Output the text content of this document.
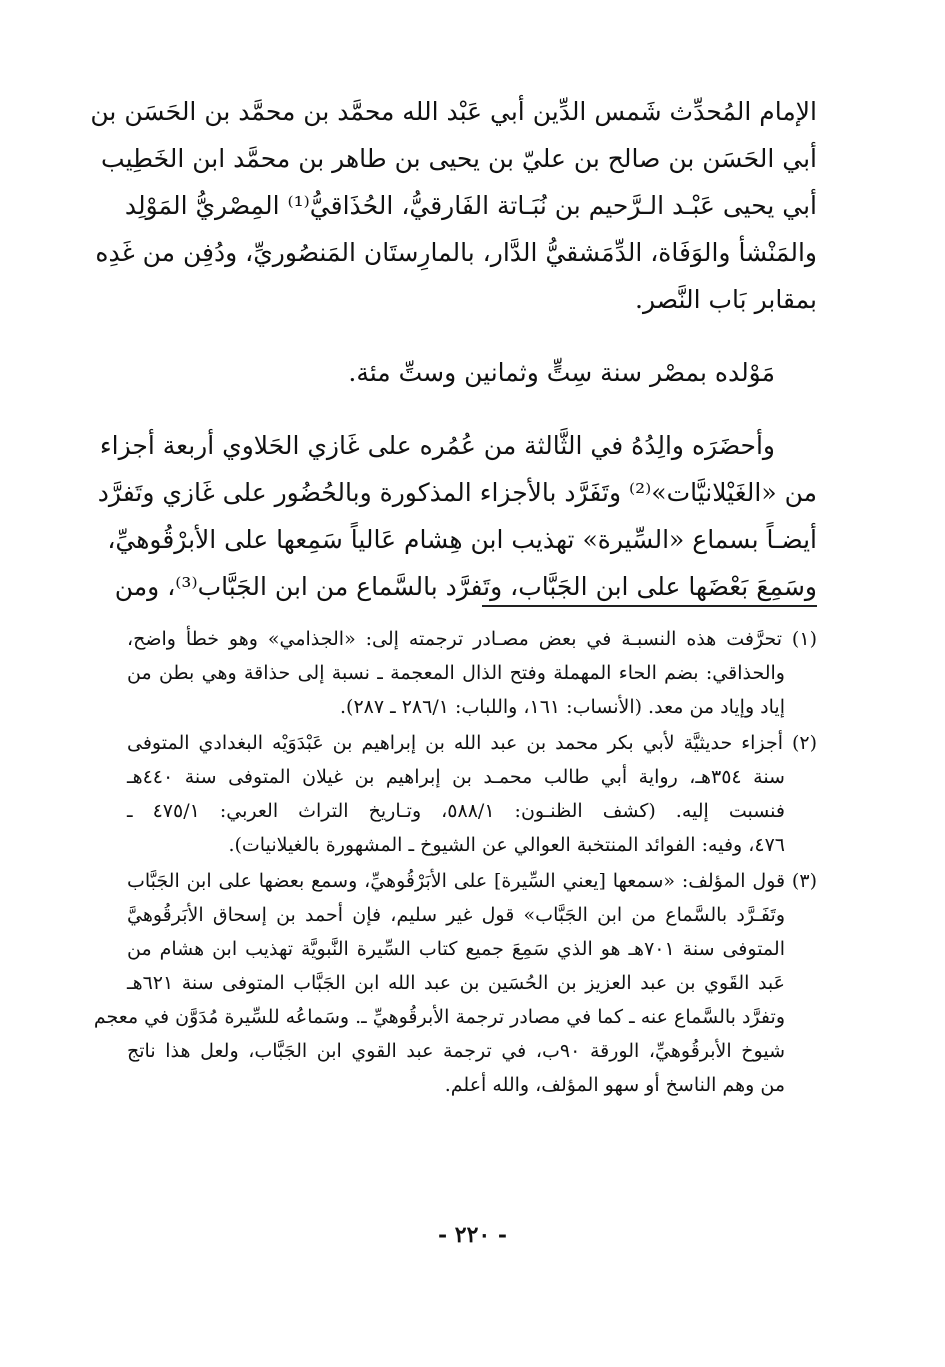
الإمام المُحدِّث شَمس الدِّين أبي عَبْد الله محمَّد بن محمَّد بن الحَسَن بن
أبي الحَسَن بن صالح بن عليّ بن يحيى بن طاهر بن محمَّد ابن الخَطِيب
أبي يحيى عَبْـد الـرَّحيم بن نُبَـاتة الفَارقيُّ، الحُذَاقيُّ⁽¹⁾ المِصْريُّ المَوْلِد
والمَنْشأ والوَفَاة، الدِّمَشقيُّ الدَّار، بالمارِستَان المَنصُوريِّ، ودُفِن من غَدِه
بمقابر بَاب النَّصر.
مَوْلده بمصْر سنة سِتٍّ وثمانين وستِّ مئة.
وأحضَرَه والِدُهُ في الثَّالثة من عُمُره على غَازي الحَلاوي أربعة أجزاء
من «الغَيْلانيَّات»⁽²⁾ وتَفَرَّد بالأجزاء المذكورة وبالحُضُور على غَازي وتَفرَّد
أيضـاً بسماع «السِّيرة» تهذيب ابن هِشام عَالياً سَمِعها على الأبرْقُوهيِّ،
وسَمِعَ بَعْضَها على ابن الجَبَّاب، وتَفرَّد بالسَّماع من ابن الجَبَّاب⁽³⁾، ومن
(١) تحرَّفت هذه النسبـة في بعض مصـادر ترجمته إلى: «الجذامي» وهو خطأ واضح،
والحذاقي: بضم الحاء المهملة وفتح الذال المعجمة ـ نسبة إلى حذاقة وهي بطن من
إياد وإياد من معد. (الأنساب: ١٦١، واللباب: ٢٨٦/١ ـ ٢٨٧).
(٢) أجزاء حديثيَّة لأبي بكر محمد بن عبد الله بن إبراهيم بن عَبْدَوَيْه البغدادي المتوفى
سنة ٣٥٤هـ، رواية أبي طالب محمـد بن إبراهيم بن غيلان المتوفى سنة ٤٤٠هـ
فنسبت إليه. (كشف الظنـون: ٥٨٨/١، وتـاريخ التراث العربي: ٤٧٥/١ ـ
٤٧٦، وفيه: الفوائد المنتخبة العوالي عن الشيوخ ـ المشهورة بالغيلانيات).
(٣) قول المؤلف: «سمعها [يعني السِّيرة] على الأبَرْقُوهيِّ، وسمع بعضها على ابن الجَبَّاب
وتَفَـرَّد بالسَّماع من ابن الجَبَّاب» قول غير سليم، فإن أحمد بن إسحاق الأبَرقُوهيَّ
المتوفى سنة ٧٠١هـ هو الذي سَمِعَ جميع كتاب السِّيرة النَّبويَّة تهذيب ابن هشام من
عَبد القَوي بن عبد العزيز بن الحُسَين بن عبد الله ابن الجَبَّاب المتوفى سنة ٦٢١هـ
وتفرَّد بالسَّماع عنه ـ كما في مصادر ترجمة الأبرقُوهيِّ ـ. وسَماعُه للسِّيرة مُدَوَّن في معجم
شيوخ الأبرقُوهيِّ، الورقة ٩٠ب، في ترجمة عبد القوي ابن الجَبَّاب، ولعل هذا ناتج
من وهم الناسخ أو سهو المؤلف، والله أعلم.
- ٢٢٠ -
